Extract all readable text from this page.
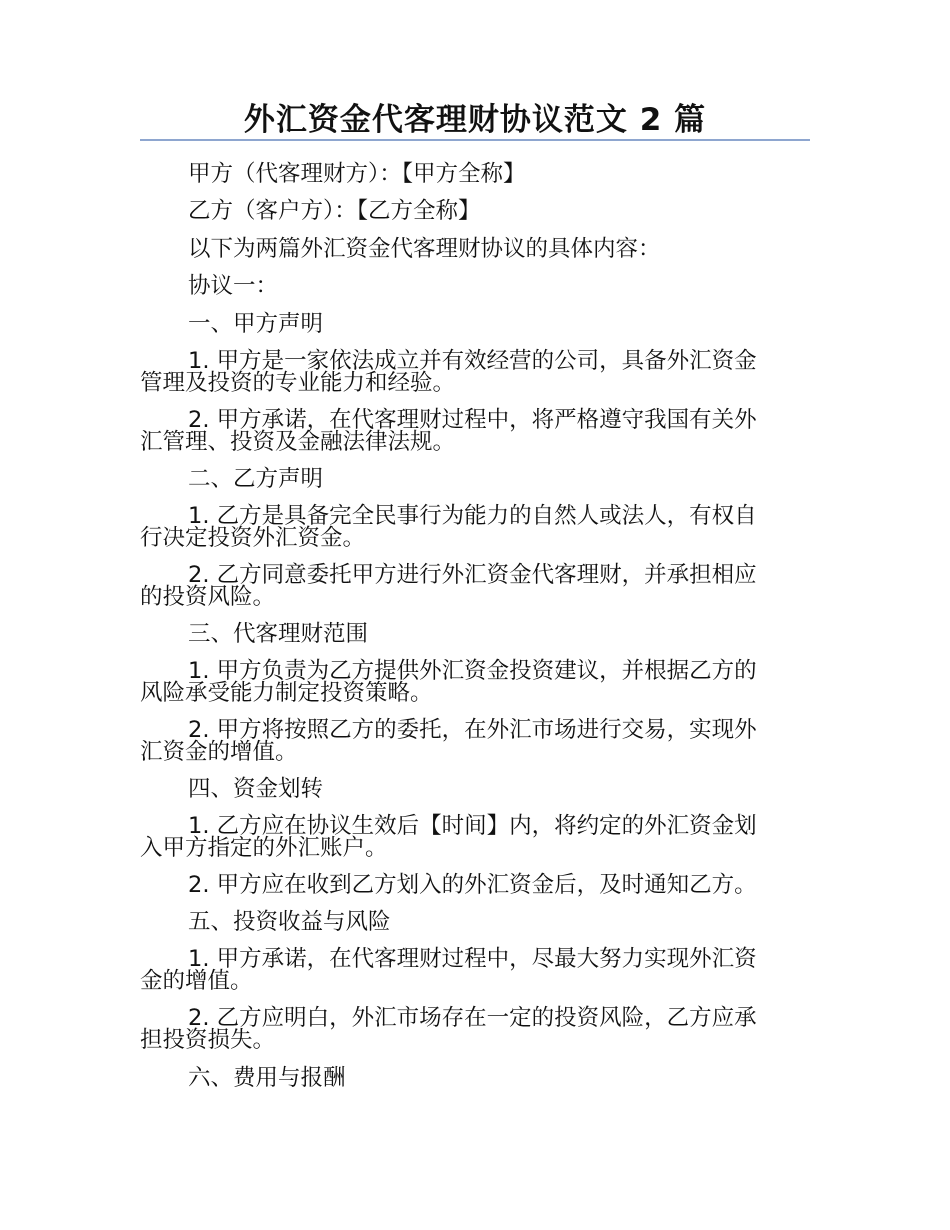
外汇资金代客理财协议范文 2 篇
甲方（代客理财方）：【甲方全称】
乙方（客户方）：【乙方全称】
以下为两篇外汇资金代客理财协议的具体内容：
协议一：
一、甲方声明
1. 甲方是一家依法成立并有效经营的公司，具备外汇资金
管理及投资的专业能力和经验。
2. 甲方承诺，在代客理财过程中，将严格遵守我国有关外
汇管理、投资及金融法律法规。
二、乙方声明
1. 乙方是具备完全民事行为能力的自然人或法人，有权自
行决定投资外汇资金。
2. 乙方同意委托甲方进行外汇资金代客理财，并承担相应
的投资风险。
三、代客理财范围
1. 甲方负责为乙方提供外汇资金投资建议，并根据乙方的
风险承受能力制定投资策略。
2. 甲方将按照乙方的委托，在外汇市场进行交易，实现外
汇资金的增值。
四、资金划转
1. 乙方应在协议生效后【时间】内，将约定的外汇资金划
入甲方指定的外汇账户。
2. 甲方应在收到乙方划入的外汇资金后，及时通知乙方。
五、投资收益与风险
1. 甲方承诺，在代客理财过程中，尽最大努力实现外汇资
金的增值。
2. 乙方应明白，外汇市场存在一定的投资风险，乙方应承
担投资损失。
六、费用与报酬
